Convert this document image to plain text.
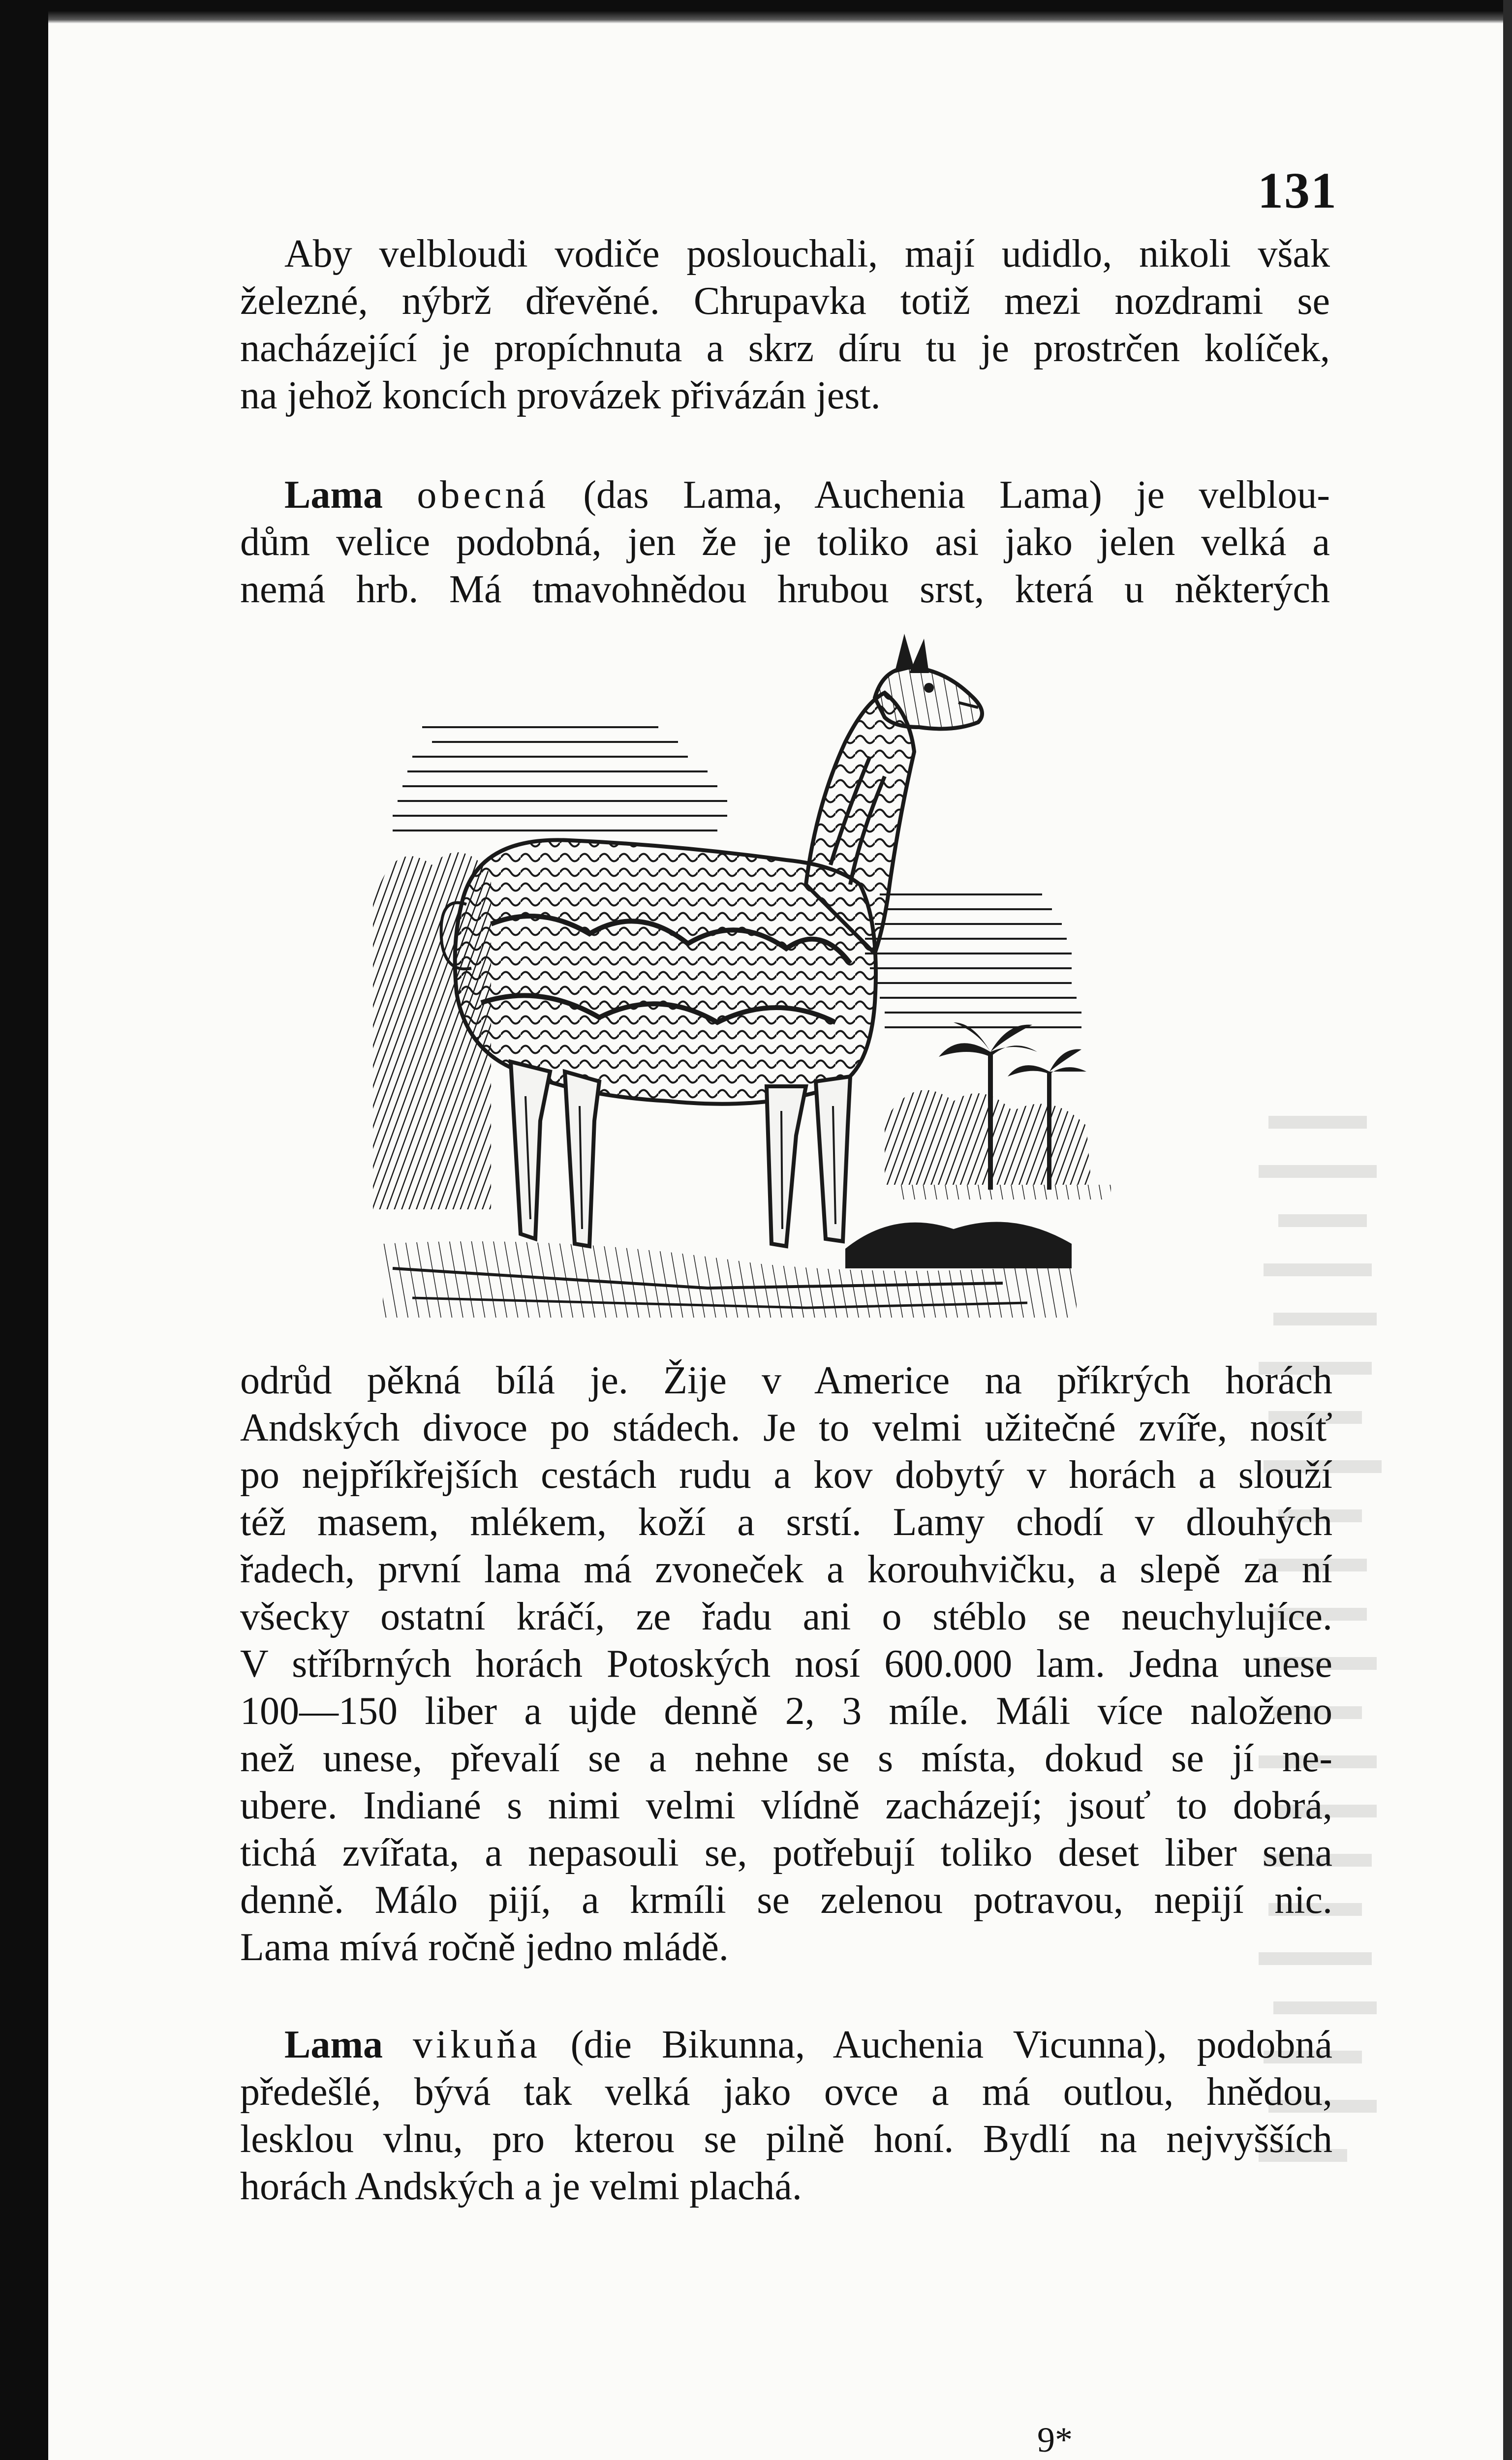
131
Aby velbloudi vodiče poslouchali, mají udidlo, nikoli však
železné, nýbrž dřevěné. Chrupavka totiž mezi nozdrami se
nacházející je propíchnuta a skrz díru tu je prostrčen kolíček,
na jehož koncích provázek přivázán jest.
Lama obecná (das Lama, Auchenia Lama) je velblou-
dům velice podobná, jen že je toliko asi jako jelen velká a
nemá hrb. Má tmavohnědou hrubou srst, která u některých
odrůd pěkná bílá je. Žije v Americe na příkrých horách
Andských divoce po stádech. Je to velmi užitečné zvíře, nosíť
po nejpříkřejších cestách rudu a kov dobytý v horách a slouží
též masem, mlékem, koží a srstí. Lamy chodí v dlouhých
řadech, první lama má zvoneček a korouhvičku, a slepě za ní
všecky ostatní kráčí, ze řadu ani o stéblo se neuchylujíce.
V stříbrných horách Potoských nosí 600.000 lam. Jedna unese
100—150 liber a ujde denně 2, 3 míle. Máli více naloženo
než unese, převalí se a nehne se s místa, dokud se jí ne-
ubere. Indiané s nimi velmi vlídně zacházejí; jsouť to dobrá,
tichá zvířata, a nepasouli se, potřebují toliko deset liber sena
denně. Málo pijí, a krmíli se zelenou potravou, nepijí nic.
Lama mívá ročně jedno mládě.
Lama vikuňa (die Bikunna, Auchenia Vicunna), podobná
předešlé, bývá tak velká jako ovce a má outlou, hnědou,
lesklou vlnu, pro kterou se pilně honí. Bydlí na nejvyšších
horách Andských a je velmi plachá.
9*
